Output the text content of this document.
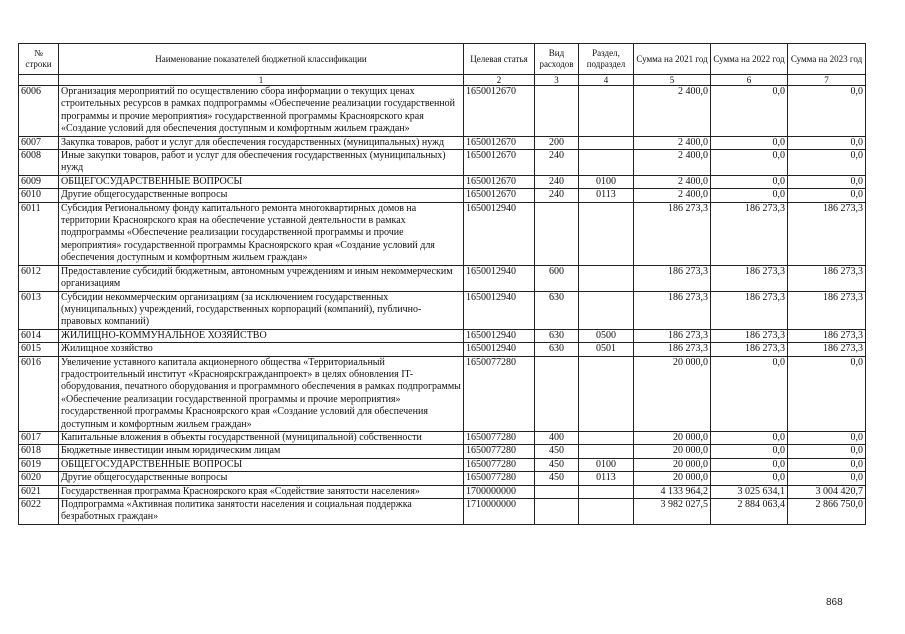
№ строки	Наименование показателей бюджетной классификации	Целевая статья	Вид расходов	Раздел, подраздел	Сумма на 2021 год	Сумма на 2022 год	Сумма на 2023 год
	1	2	3	4	5	6	7
6006	Организация мероприятий по осуществлению сбора информации о текущих ценах строительных ресурсов в рамках подпрограммы «Обеспечение реализации государственной программы и прочие мероприятия» государственной программы Красноярского края «Создание условий для обеспечения доступным и комфортным жильем граждан»	1650012670			2 400,0	0,0	0,0
6007	Закупка товаров, работ и услуг для обеспечения государственных (муниципальных) нужд	1650012670	200		2 400,0	0,0	0,0
6008	Иные закупки товаров, работ и услуг для обеспечения государственных (муниципальных) нужд	1650012670	240		2 400,0	0,0	0,0
6009	ОБЩЕГОСУДАРСТВЕННЫЕ ВОПРОСЫ	1650012670	240	0100	2 400,0	0,0	0,0
6010	Другие общегосударственные вопросы	1650012670	240	0113	2 400,0	0,0	0,0
6011	Субсидия Региональному фонду капитального ремонта многоквартирных домов на территории Красноярского края на обеспечение уставной деятельности в рамках подпрограммы «Обеспечение реализации государственной программы и прочие мероприятия» государственной программы Красноярского края «Создание условий для обеспечения доступным и комфортным жильем граждан»	1650012940			186 273,3	186 273,3	186 273,3
6012	Предоставление субсидий бюджетным, автономным учреждениям и иным некоммерческим организациям	1650012940	600		186 273,3	186 273,3	186 273,3
6013	Субсидии некоммерческим организациям (за исключением государственных (муниципальных) учреждений, государственных корпораций (компаний), публично-правовых компаний)	1650012940	630		186 273,3	186 273,3	186 273,3
6014	ЖИЛИЩНО-КОММУНАЛЬНОЕ ХОЗЯЙСТВО	1650012940	630	0500	186 273,3	186 273,3	186 273,3
6015	Жилищное хозяйство	1650012940	630	0501	186 273,3	186 273,3	186 273,3
6016	Увеличение уставного капитала акционерного общества «Территориальный градостроительный институт «Красноярскгражданпроект» в целях обновления IT-оборудования, печатного оборудования и программного обеспечения в рамках подпрограммы «Обеспечение реализации государственной программы и прочие мероприятия» государственной программы Красноярского края «Создание условий для обеспечения доступным и комфортным жильем граждан»	1650077280			20 000,0	0,0	0,0
6017	Капитальные вложения в объекты государственной (муниципальной) собственности	1650077280	400		20 000,0	0,0	0,0
6018	Бюджетные инвестиции иным юридическим лицам	1650077280	450		20 000,0	0,0	0,0
6019	ОБЩЕГОСУДАРСТВЕННЫЕ ВОПРОСЫ	1650077280	450	0100	20 000,0	0,0	0,0
6020	Другие общегосударственные вопросы	1650077280	450	0113	20 000,0	0,0	0,0
6021	Государственная программа Красноярского края «Содействие занятости населения»	1700000000			4 133 964,2	3 025 634,1	3 004 420,7
6022	Подпрограмма «Активная политика занятости населения и социальная поддержка безработных граждан»	1710000000			3 982 027,5	2 884 063,4	2 866 750,0
868
